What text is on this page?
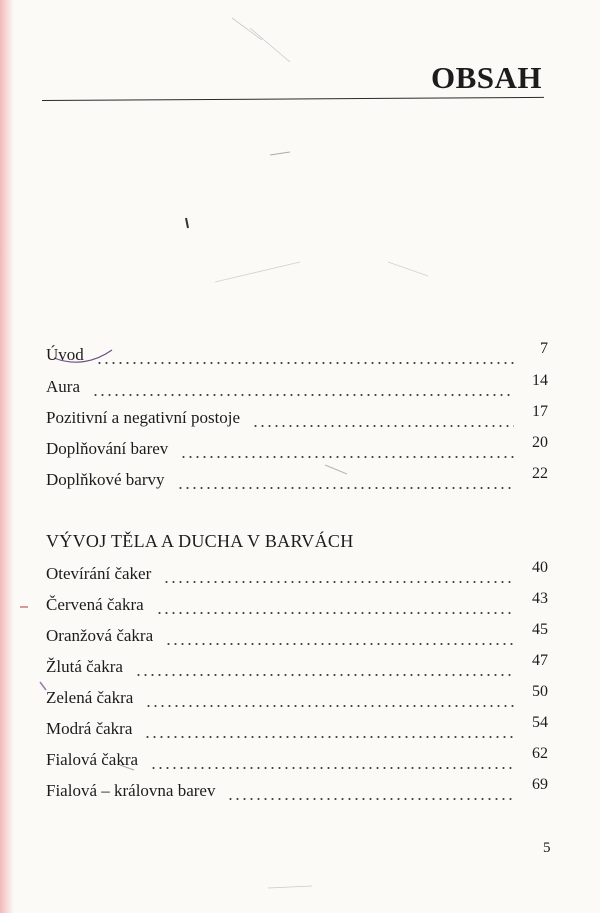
OBSAH
Úvod	7
Aura	14
Pozitivní a negativní postoje	17
Doplňování barev	20
Doplňkové barvy	22
VÝVOJ TĚLA A DUCHA V BARVÁCH
Otevírání čaker	40
Červená čakra	43
Oranžová čakra	45
Žlutá čakra	47
Zelená čakra	50
Modrá čakra	54
Fialová čakra	62
Fialová – královna barev	69
5
